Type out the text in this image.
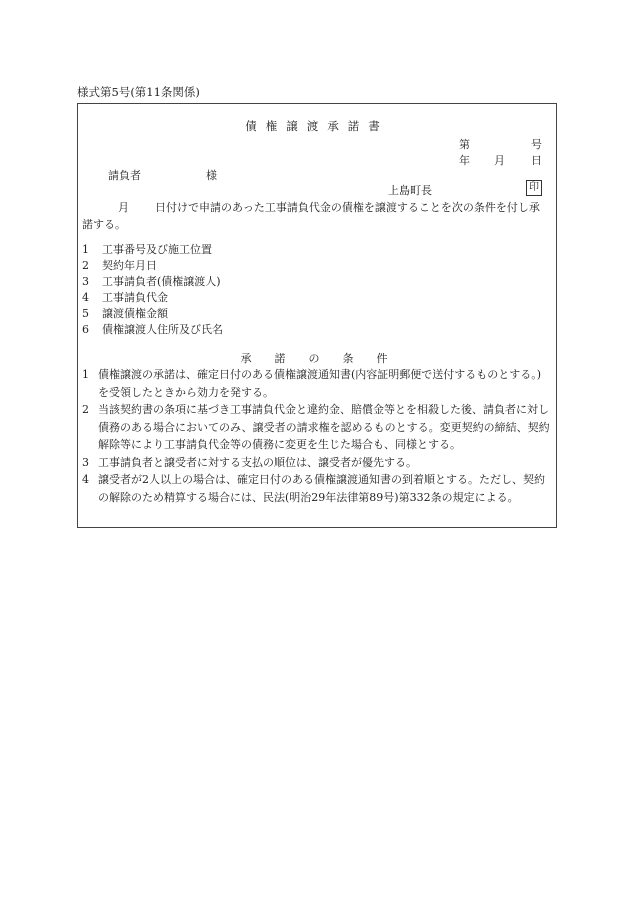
様式第5号(第11条関係)
債権譲渡承諾書
第	号
年 月 日
請負者	様
上島町長	印
月	日付けで申請のあった工事請負代金の債権を譲渡することを次の条件を付し承諾する。
1 工事番号及び施工位置
2 契約年月日
3 工事請負者(債権譲渡人)
4 工事請負代金
5 譲渡債権金額
6 債権譲渡人住所及び氏名
承　諾　の　条　件
1 債権譲渡の承諾は、確定日付のある債権譲渡通知書(内容証明郵便で送付するものとする。)を受領したときから効力を発する。
2 当該契約書の条項に基づき工事請負代金と違約金、賠償金等とを相殺した後、請負者に対し債務のある場合においてのみ、譲受者の請求権を認めるものとする。変更契約の締結、契約解除等により工事請負代金等の債務に変更を生じた場合も、同様とする。
3 工事請負者と譲受者に対する支払の順位は、譲受者が優先する。
4 譲受者が2人以上の場合は、確定日付のある債権譲渡通知書の到着順とする。ただし、契約の解除のため精算する場合には、民法(明治29年法律第89号)第332条の規定による。
